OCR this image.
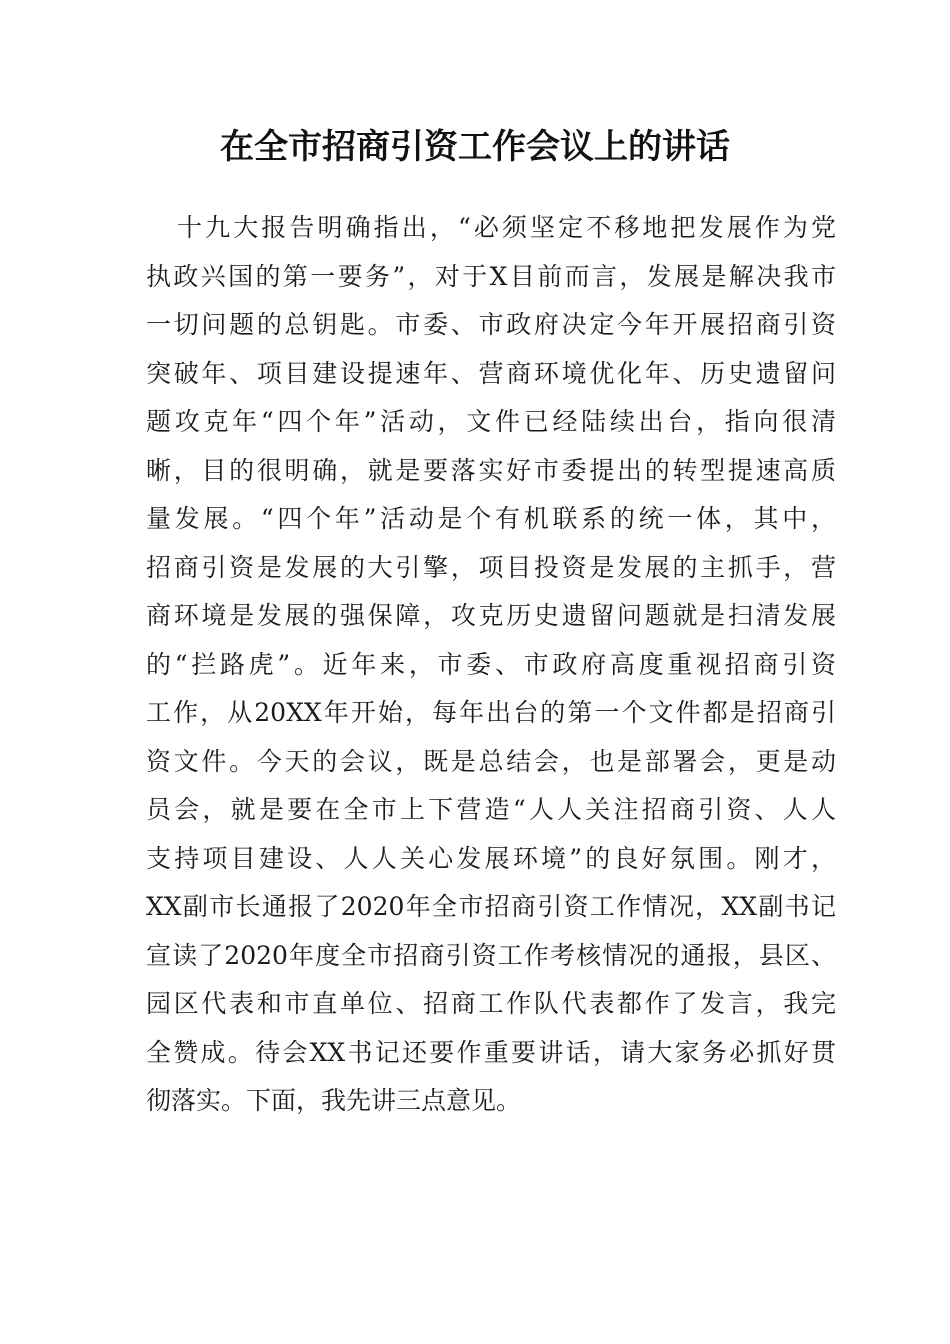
在全市招商引资工作会议上的讲话
十九大报告明确指出，“必须坚定不移地把发展作为党
执政兴国的第一要务”，对于X目前而言，发展是解决我市
一切问题的总钥匙。市委、市政府决定今年开展招商引资
突破年、项目建设提速年、营商环境优化年、历史遗留问
题攻克年“四个年”活动，文件已经陆续出台，指向很清
晰，目的很明确，就是要落实好市委提出的转型提速高质
量发展。“四个年”活动是个有机联系的统一体，其中，
招商引资是发展的大引擎，项目投资是发展的主抓手，营
商环境是发展的强保障，攻克历史遗留问题就是扫清发展
的“拦路虎”。近年来，市委、市政府高度重视招商引资
工作，从20XX年开始，每年出台的第一个文件都是招商引
资文件。今天的会议，既是总结会，也是部署会，更是动
员会，就是要在全市上下营造“人人关注招商引资、人人
支持项目建设、人人关心发展环境”的良好氛围。刚才，
XX副市长通报了2020年全市招商引资工作情况，XX副书记
宣读了2020年度全市招商引资工作考核情况的通报，县区、
园区代表和市直单位、招商工作队代表都作了发言，我完
全赞成。待会XX书记还要作重要讲话，请大家务必抓好贯
彻落实。下面，我先讲三点意见。
